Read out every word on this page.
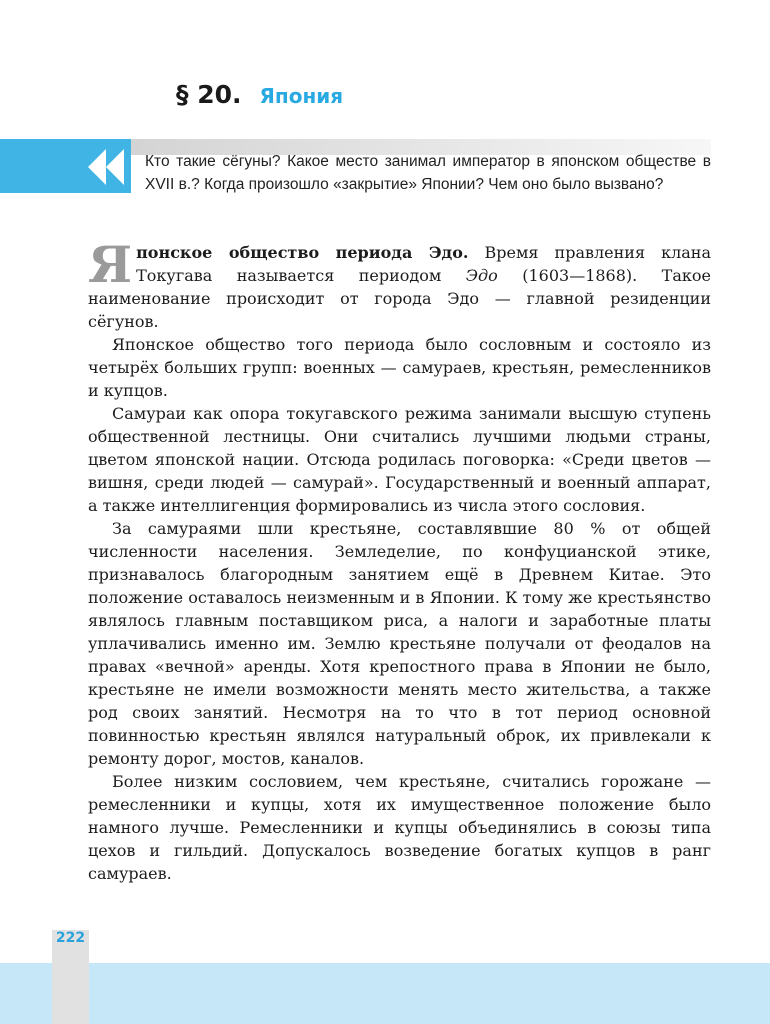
§ 20. Япония

Кто такие сёгуны? Какое место занимал император в японском обществе в XVII в.? Когда произошло «закрытие» Японии? Чем оно было вызвано?

Японское общество периода Эдо. Время правления клана Токугава называется периодом Эдо (1603—1868). Такое наименование происходит от города Эдо — главной резиденции сёгунов.

Японское общество того периода было сословным и состояло из четырёх больших групп: военных — самураев, крестьян, ремесленников и купцов.

Самураи как опора токугавского режима занимали высшую ступень общественной лестницы. Они считались лучшими людьми страны, цветом японской нации. Отсюда родилась поговорка: «Среди цветов — вишня, среди людей — самурай». Государственный и военный аппарат, а также интеллигенция формировались из числа этого сословия.

За самураями шли крестьяне, составлявшие 80 % от общей численности населения. Земледелие, по конфуцианской этике, признавалось благородным занятием ещё в Древнем Китае. Это положение оставалось неизменным и в Японии. К тому же крестьянство являлось главным поставщиком риса, а налоги и заработные платы уплачивались именно им. Землю крестьяне получали от феодалов на правах «вечной» аренды. Хотя крепостного права в Японии не было, крестьяне не имели возможности менять место жительства, а также род своих занятий. Несмотря на то что в тот период основной повинностью крестьян являлся натуральный оброк, их привлекали к ремонту дорог, мостов, каналов.

Более низким сословием, чем крестьяне, считались горожане — ремесленники и купцы, хотя их имущественное положение было намного лучше. Ремесленники и купцы объединялись в союзы типа цехов и гильдий. Допускалось возведение богатых купцов в ранг самураев.

222
